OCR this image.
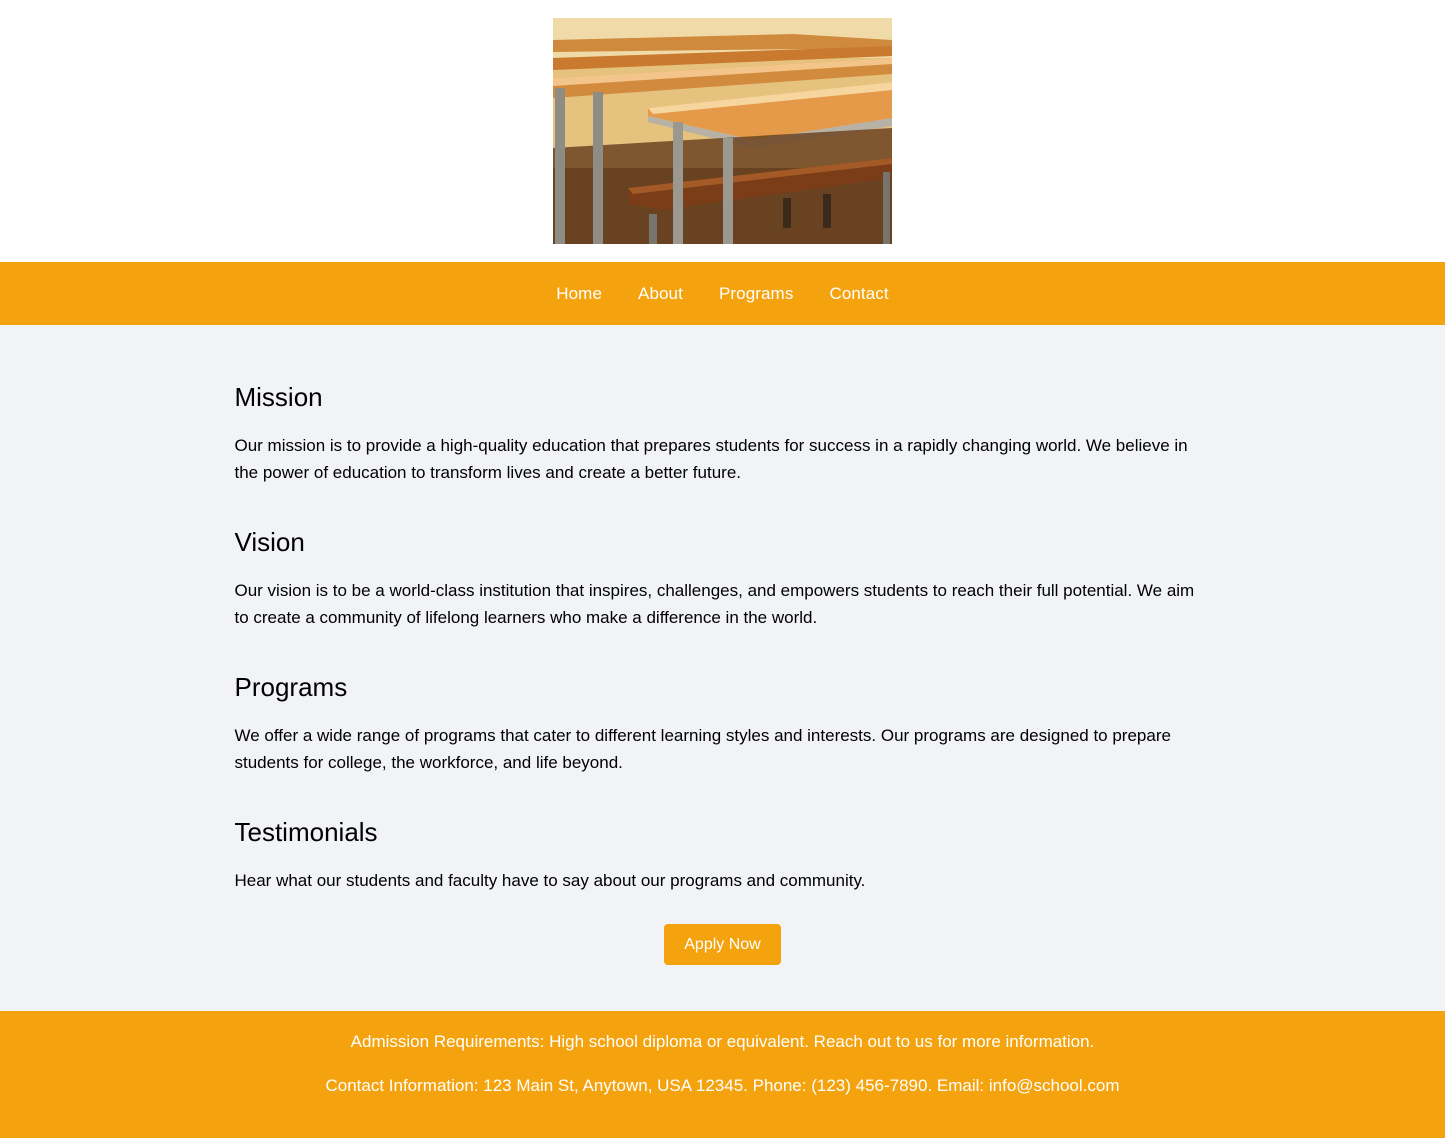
Home About Programs Contact
Mission

Our mission is to provide a high-quality education that prepares students for success in a rapidly changing world. We believe in the power of education to transform lives and create a better future.

Vision

Our vision is to be a world-class institution that inspires, challenges, and empowers students to reach their full potential. We aim to create a community of lifelong learners who make a difference in the world.

Programs

We offer a wide range of programs that cater to different learning styles and interests. Our programs are designed to prepare students for college, the workforce, and life beyond.

Testimonials

Hear what our students and faculty have to say about our programs and community.

Apply Now

Admission Requirements: High school diploma or equivalent. Reach out to us for more information.

Contact Information: 123 Main St, Anytown, USA 12345. Phone: (123) 456-7890. Email: info@school.com
